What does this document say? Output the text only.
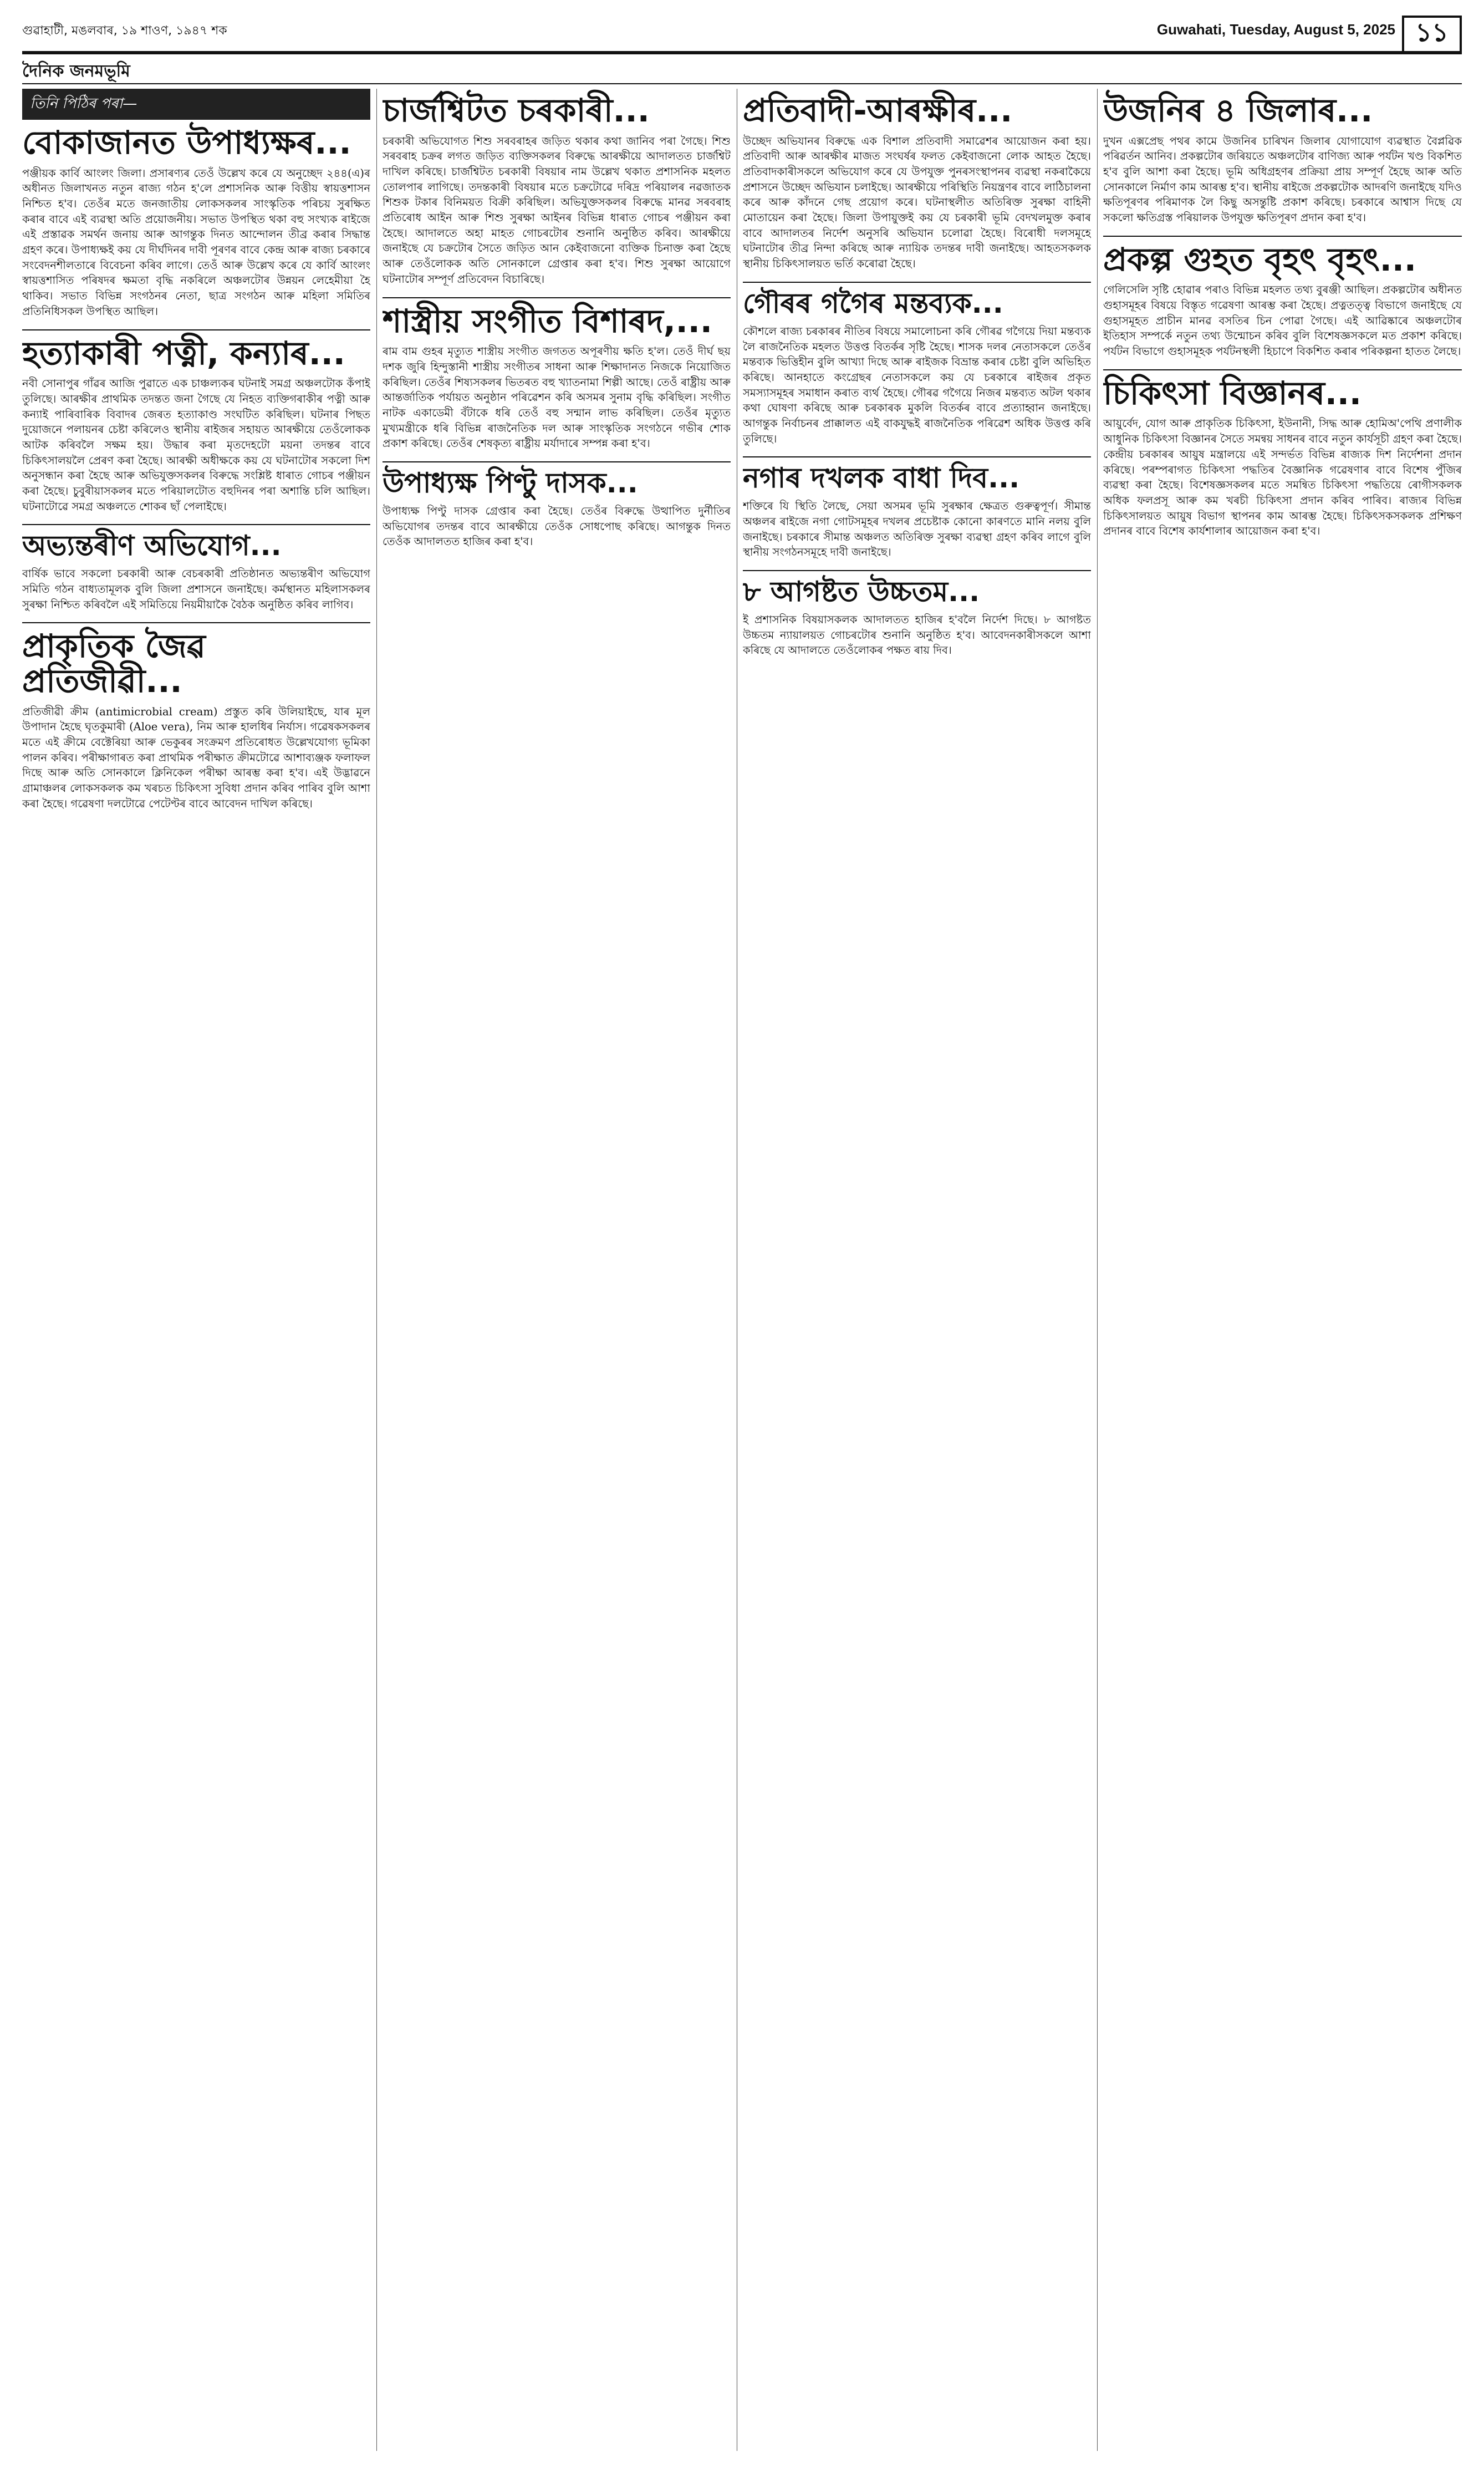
গুৱাহাটী, মঙলবাৰ, ১৯ শাওণ, ১৯৪৭ শক	Guwahati, Tuesday, August 5, 2025 ১১
দৈনিক জনমভূমি
তিনি পিঠিৰ পৰা—
বোকাজানত উপাধ্যক্ষৰ...

পঞ্জীয়ক কাৰ্বি আংলং জিলা। প্ৰসাৰণ্যৰ তেওঁ উল্লেখ কৰে যে অনুচ্ছেদ ২৪৪(এ)ৰ অধীনত জিলাখনত নতুন ৰাজ্য গঠন হ'লে প্ৰশাসনিক আৰু বিত্তীয় স্বায়ত্তশাসন নিশ্চিত হ'ব। তেওঁৰ মতে জনজাতীয় লোকসকলৰ সাংস্কৃতিক পৰিচয় সুৰক্ষিত কৰাৰ বাবে এই ব্যৱস্থা অতি প্ৰয়োজনীয়। সভাত উপস্থিত থকা বহু সংখ্যক ৰাইজে এই প্ৰস্তাৱক সমৰ্থন জনায় আৰু আগন্তুক দিনত আন্দোলন তীব্ৰ কৰাৰ সিদ্ধান্ত গ্ৰহণ কৰে। উপাধ্যক্ষই কয় যে দীৰ্ঘদিনৰ দাবী পূৰণৰ বাবে কেন্দ্ৰ আৰু ৰাজ্য চৰকাৰে সংবেদনশীলতাৰে বিবেচনা কৰিব লাগে। তেওঁ আৰু উল্লেখ কৰে যে কাৰ্বি আংলং স্বায়ত্তশাসিত পৰিষদৰ ক্ষমতা বৃদ্ধি নকৰিলে অঞ্চলটোৰ উন্নয়ন লেহেমীয়া হৈ থাকিব। সভাত বিভিন্ন সংগঠনৰ নেতা, ছাত্ৰ সংগঠন আৰু মহিলা সমিতিৰ প্ৰতিনিধিসকল উপস্থিত আছিল।

হত্যাকাৰী পত্নী, কন্যাৰ...

নবী সোনাপুৰ গাঁৱৰ আজি পুৱাতে এক চাঞ্চল্যকৰ ঘটনাই সমগ্ৰ অঞ্চলটোক কঁপাই তুলিছে। আৰক্ষীৰ প্ৰাথমিক তদন্তত জনা গৈছে যে নিহত ব্যক্তিগৰাকীৰ পত্নী আৰু কন্যাই পাৰিবাৰিক বিবাদৰ জেৰত হত্যাকাণ্ড সংঘটিত কৰিছিল। ঘটনাৰ পিছত দুয়োজনে পলায়নৰ চেষ্টা কৰিলেও স্থানীয় ৰাইজৰ সহায়ত আৰক্ষীয়ে তেওঁলোকক আটক কৰিবলৈ সক্ষম হয়। উদ্ধাৰ কৰা মৃতদেহটো ময়না তদন্তৰ বাবে চিকিৎসালয়লৈ প্ৰেৰণ কৰা হৈছে। আৰক্ষী অধীক্ষকে কয় যে ঘটনাটোৰ সকলো দিশ অনুসন্ধান কৰা হৈছে আৰু অভিযুক্তসকলৰ বিৰুদ্ধে সংশ্লিষ্ট ধাৰাত গোচৰ পঞ্জীয়ন কৰা হৈছে। চুবুৰীয়াসকলৰ মতে পৰিয়ালটোত বহুদিনৰ পৰা অশান্তি চলি আছিল। ঘটনাটোৱে সমগ্ৰ অঞ্চলতে শোকৰ ছাঁ পেলাইছে।

অভ্যন্তৰীণ অভিযোগ...

বাৰ্ষিক ভাবে সকলো চৰকাৰী আৰু বেচৰকাৰী প্ৰতিষ্ঠানত অভ্যন্তৰীণ অভিযোগ সমিতি গঠন বাধ্যতামূলক বুলি জিলা প্ৰশাসনে জনাইছে। কৰ্মস্থানত মহিলাসকলৰ সুৰক্ষা নিশ্চিত কৰিবলৈ এই সমিতিয়ে নিয়মীয়াকৈ বৈঠক অনুষ্ঠিত কৰিব লাগিব।

প্ৰাকৃতিক জৈৱ প্ৰতিজীৱী...

প্ৰতিজীৱী ক্ৰীম (antimicrobial cream) প্ৰস্তুত কৰি উলিয়াইছে, যাৰ মূল উপাদান হৈছে ঘৃতকুমাৰী (Aloe vera), নিম আৰু হালধিৰ নিৰ্যাস। গৱেষকসকলৰ মতে এই ক্ৰীমে বেক্টেৰিয়া আৰু ভেকুৰৰ সংক্ৰমণ প্ৰতিৰোধত উল্লেখযোগ্য ভূমিকা পালন কৰিব। পৰীক্ষাগাৰত কৰা প্ৰাথমিক পৰীক্ষাত ক্ৰীমটোৱে আশাব্যঞ্জক ফলাফল দিছে আৰু অতি সোনকালে ক্লিনিকেল পৰীক্ষা আৰম্ভ কৰা হ'ব। এই উদ্ভাৱনে গ্ৰামাঞ্চলৰ লোকসকলক কম খৰচত চিকিৎসা সুবিধা প্ৰদান কৰিব পাৰিব বুলি আশা কৰা হৈছে। গৱেষণা দলটোৱে পেটেণ্টৰ বাবে আবেদন দাখিল কৰিছে।

চাৰ্জশ্বিটত চৰকাৰী...

চৰকাৰী অভিযোগত শিশু সৰবৰাহৰ জড়িত থকাৰ কথা জানিব পৰা গৈছে। শিশু সৰবৰাহ চক্ৰৰ লগত জড়িত ব্যক্তিসকলৰ বিৰুদ্ধে আৰক্ষীয়ে আদালতত চাৰ্জশ্বিট দাখিল কৰিছে। চাৰ্জশ্বিটত চৰকাৰী বিষয়াৰ নাম উল্লেখ থকাত প্ৰশাসনিক মহলত তোলপাৰ লাগিছে। তদন্তকাৰী বিষয়াৰ মতে চক্ৰটোৱে দৰিদ্ৰ পৰিয়ালৰ নৱজাতক শিশুক টকাৰ বিনিময়ত বিক্ৰী কৰিছিল। অভিযুক্তসকলৰ বিৰুদ্ধে মানৱ সৰবৰাহ প্ৰতিৰোধ আইন আৰু শিশু সুৰক্ষা আইনৰ বিভিন্ন ধাৰাত গোচৰ পঞ্জীয়ন কৰা হৈছে। আদালতে অহা মাহত গোচৰটোৰ শুনানি অনুষ্ঠিত কৰিব। আৰক্ষীয়ে জনাইছে যে চক্ৰটোৰ সৈতে জড়িত আন কেইবাজনো ব্যক্তিক চিনাক্ত কৰা হৈছে আৰু তেওঁলোকক অতি সোনকালে গ্ৰেপ্তাৰ কৰা হ'ব। শিশু সুৰক্ষা আয়োগে ঘটনাটোৰ সম্পূৰ্ণ প্ৰতিবেদন বিচাৰিছে।

শাস্ত্ৰীয় সংগীত বিশাৰদ,...

ৰাম বাম গুহৰ মৃত্যুত শাস্ত্ৰীয় সংগীত জগতত অপূৰণীয় ক্ষতি হ'ল। তেওঁ দীৰ্ঘ ছয় দশক জুৰি হিন্দুস্তানী শাস্ত্ৰীয় সংগীতৰ সাধনা আৰু শিক্ষাদানত নিজকে নিয়োজিত কৰিছিল। তেওঁৰ শিষ্যসকলৰ ভিতৰত বহু খ্যাতনামা শিল্পী আছে। তেওঁ ৰাষ্ট্ৰীয় আৰু আন্তৰ্জাতিক পৰ্যায়ত অনুষ্ঠান পৰিৱেশন কৰি অসমৰ সুনাম বৃদ্ধি কৰিছিল। সংগীত নাটক একাডেমী বঁটাকে ধৰি তেওঁ বহু সন্মান লাভ কৰিছিল। তেওঁৰ মৃত্যুত মুখ্যমন্ত্ৰীকে ধৰি বিভিন্ন ৰাজনৈতিক দল আৰু সাংস্কৃতিক সংগঠনে গভীৰ শোক প্ৰকাশ কৰিছে। তেওঁৰ শেষকৃত্য ৰাষ্ট্ৰীয় মৰ্যাদাৰে সম্পন্ন কৰা হ'ব।

উপাধ্যক্ষ পিণ্টু দাসক...

উপাধ্যক্ষ পিণ্টু দাসক গ্ৰেপ্তাৰ কৰা হৈছে। তেওঁৰ বিৰুদ্ধে উত্থাপিত দুৰ্নীতিৰ অভিযোগৰ তদন্তৰ বাবে আৰক্ষীয়ে তেওঁক সোধপোছ কৰিছে। আগন্তুক দিনত তেওঁক আদালতত হাজিৰ কৰা হ'ব।

প্ৰতিবাদী-আৰক্ষীৰ...

উচ্ছেদ অভিযানৰ বিৰুদ্ধে এক বিশাল প্ৰতিবাদী সমাৱেশৰ আয়োজন কৰা হয়। প্ৰতিবাদী আৰু আৰক্ষীৰ মাজত সংঘৰ্ষৰ ফলত কেইবাজনো লোক আহত হৈছে। প্ৰতিবাদকাৰীসকলে অভিযোগ কৰে যে উপযুক্ত পুনৰসংস্থাপনৰ ব্যৱস্থা নকৰাকৈয়ে প্ৰশাসনে উচ্ছেদ অভিযান চলাইছে। আৰক্ষীয়ে পৰিস্থিতি নিয়ন্ত্ৰণৰ বাবে লাঠিচালনা কৰে আৰু কাঁদনে গেছ প্ৰয়োগ কৰে। ঘটনাস্থলীত অতিৰিক্ত সুৰক্ষা বাহিনী মোতায়েন কৰা হৈছে। জিলা উপায়ুক্তই কয় যে চৰকাৰী ভূমি বেদখলমুক্ত কৰাৰ বাবে আদালতৰ নিৰ্দেশ অনুসৰি অভিযান চলোৱা হৈছে। বিৰোধী দলসমূহে ঘটনাটোৰ তীব্ৰ নিন্দা কৰিছে আৰু ন্যায়িক তদন্তৰ দাবী জনাইছে। আহতসকলক স্থানীয় চিকিৎসালয়ত ভৰ্তি কৰোৱা হৈছে।

গৌৰৰ গগৈৰ মন্তব্যক...

কৌশলে ৰাজ্য চৰকাৰৰ নীতিৰ বিষয়ে সমালোচনা কৰি গৌৰৱ গগৈয়ে দিয়া মন্তব্যক লৈ ৰাজনৈতিক মহলত উত্তপ্ত বিতৰ্কৰ সৃষ্টি হৈছে। শাসক দলৰ নেতাসকলে তেওঁৰ মন্তব্যক ভিত্তিহীন বুলি আখ্যা দিছে আৰু ৰাইজক বিভ্ৰান্ত কৰাৰ চেষ্টা বুলি অভিহিত কৰিছে। আনহাতে কংগ্ৰেছৰ নেতাসকলে কয় যে চৰকাৰে ৰাইজৰ প্ৰকৃত সমস্যাসমূহৰ সমাধান কৰাত ব্যৰ্থ হৈছে। গৌৰৱ গগৈয়ে নিজৰ মন্তব্যত অটল থকাৰ কথা ঘোষণা কৰিছে আৰু চৰকাৰক মুকলি বিতৰ্কৰ বাবে প্ৰত্যাহ্বান জনাইছে। আগন্তুক নিৰ্বাচনৰ প্ৰাক্কালত এই বাকযুদ্ধই ৰাজনৈতিক পৰিৱেশ অধিক উত্তপ্ত কৰি তুলিছে।

নগাৰ দখলক বাধা দিব...

শক্তিৰে যি স্থিতি লৈছে, সেয়া অসমৰ ভূমি সুৰক্ষাৰ ক্ষেত্ৰত গুৰুত্বপূৰ্ণ। সীমান্ত অঞ্চলৰ ৰাইজে নগা গোটসমূহৰ দখলৰ প্ৰচেষ্টাক কোনো কাৰণতে মানি নলয় বুলি জনাইছে। চৰকাৰে সীমান্ত অঞ্চলত অতিৰিক্ত সুৰক্ষা ব্যৱস্থা গ্ৰহণ কৰিব লাগে বুলি স্থানীয় সংগঠনসমূহে দাবী জনাইছে।

৮ আগষ্টত উচ্চতম...

ই প্ৰশাসনিক বিষয়াসকলক আদালতত হাজিৰ হ'বলৈ নিৰ্দেশ দিছে। ৮ আগষ্টত উচ্চতম ন্যায়ালয়ত গোচৰটোৰ শুনানি অনুষ্ঠিত হ'ব। আবেদনকাৰীসকলে আশা কৰিছে যে আদালতে তেওঁলোকৰ পক্ষত ৰায় দিব।

উজনিৰ ৪ জিলাৰ...

দুখন এক্সপ্ৰেছ পথৰ কামে উজনিৰ চাৰিখন জিলাৰ যোগাযোগ ব্যৱস্থাত বৈপ্লৱিক পৰিৱৰ্তন আনিব। প্ৰকল্পটোৰ জৰিয়তে অঞ্চলটোৰ বাণিজ্য আৰু পৰ্যটন খণ্ড বিকশিত হ'ব বুলি আশা কৰা হৈছে। ভূমি অধিগ্ৰহণৰ প্ৰক্ৰিয়া প্ৰায় সম্পূৰ্ণ হৈছে আৰু অতি সোনকালে নিৰ্মাণ কাম আৰম্ভ হ'ব। স্থানীয় ৰাইজে প্ৰকল্পটোক আদৰণি জনাইছে যদিও ক্ষতিপূৰণৰ পৰিমাণক লৈ কিছু অসন্তুষ্টি প্ৰকাশ কৰিছে। চৰকাৰে আশ্বাস দিছে যে সকলো ক্ষতিগ্ৰস্ত পৰিয়ালক উপযুক্ত ক্ষতিপূৰণ প্ৰদান কৰা হ'ব।

প্ৰকল্প গুহত বৃহৎ বৃহৎ...

গেলিসেলি সৃষ্টি হোৱাৰ পৰাও বিভিন্ন মহলত তথ্য বুৰঞ্জী আছিল। প্ৰকল্পটোৰ অধীনত গুহাসমূহৰ বিষয়ে বিস্তৃত গৱেষণা আৰম্ভ কৰা হৈছে। প্ৰত্নতত্ত্ব বিভাগে জনাইছে যে গুহাসমূহত প্ৰাচীন মানৱ বসতিৰ চিন পোৱা গৈছে। এই আৱিষ্কাৰে অঞ্চলটোৰ ইতিহাস সম্পৰ্কে নতুন তথ্য উন্মোচন কৰিব বুলি বিশেষজ্ঞসকলে মত প্ৰকাশ কৰিছে। পৰ্যটন বিভাগে গুহাসমূহক পৰ্যটনস্থলী হিচাপে বিকশিত কৰাৰ পৰিকল্পনা হাতত লৈছে।

চিকিৎসা বিজ্ঞানৰ...

আয়ুৰ্বেদ, যোগ আৰু প্ৰাকৃতিক চিকিৎসা, ইউনানী, সিদ্ধ আৰু হোমিঅ'পেথি প্ৰণালীক আধুনিক চিকিৎসা বিজ্ঞানৰ সৈতে সমন্বয় সাধনৰ বাবে নতুন কাৰ্যসূচী গ্ৰহণ কৰা হৈছে। কেন্দ্ৰীয় চৰকাৰৰ আয়ুষ মন্ত্ৰালয়ে এই সন্দৰ্ভত বিভিন্ন ৰাজ্যক দিশ নিৰ্দেশনা প্ৰদান কৰিছে। পৰম্পৰাগত চিকিৎসা পদ্ধতিৰ বৈজ্ঞানিক গৱেষণাৰ বাবে বিশেষ পুঁজিৰ ব্যৱস্থা কৰা হৈছে। বিশেষজ্ঞসকলৰ মতে সমন্বিত চিকিৎসা পদ্ধতিয়ে ৰোগীসকলক অধিক ফলপ্ৰসূ আৰু কম খৰচী চিকিৎসা প্ৰদান কৰিব পাৰিব। ৰাজ্যৰ বিভিন্ন চিকিৎসালয়ত আয়ুষ বিভাগ স্থাপনৰ কাম আৰম্ভ হৈছে। চিকিৎসকসকলক প্ৰশিক্ষণ প্ৰদানৰ বাবে বিশেষ কাৰ্যশালাৰ আয়োজন কৰা হ'ব।
